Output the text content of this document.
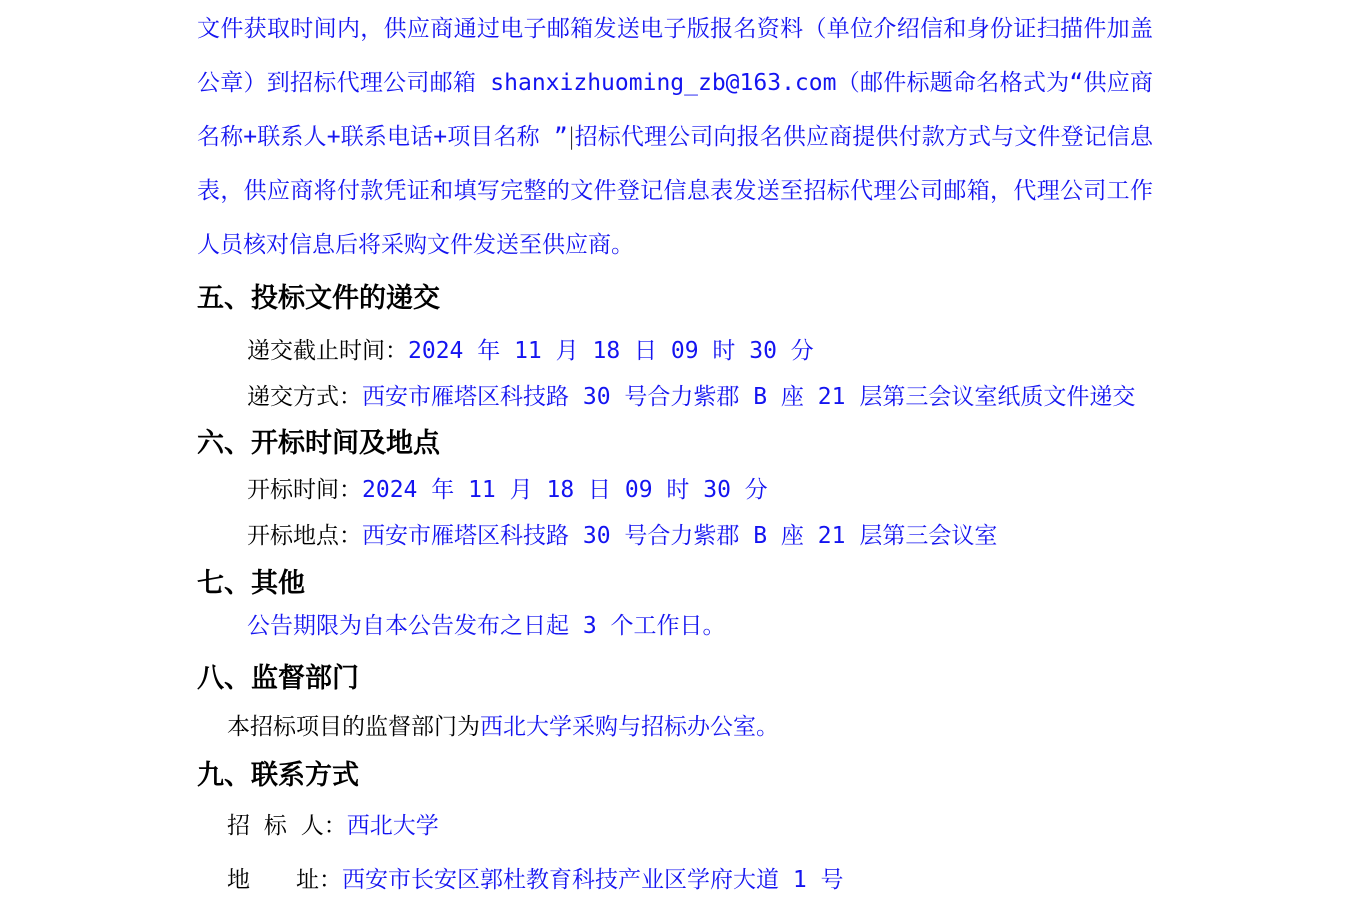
文件获取时间内，供应商通过电子邮箱发送电子版报名资料（单位介绍信和身份证扫描件加盖公章）到招标代理公司邮箱 shanxizhuoming_zb@163.com（邮件标题命名格式为“供应商名称+联系人+联系电话+项目名称 ”|招标代理公司向报名供应商提供付款方式与文件登记信息表，供应商将付款凭证和填写完整的文件登记信息表发送至招标代理公司邮箱，代理公司工作人员核对信息后将采购文件发送至供应商。

五、投标文件的递交
递交截止时间：2024 年 11 月 18 日 09 时 30 分
递交方式：西安市雁塔区科技路 30 号合力紫郡 B 座 21 层第三会议室纸质文件递交
六、开标时间及地点
开标时间：2024 年 11 月 18 日 09 时 30 分
开标地点：西安市雁塔区科技路 30 号合力紫郡 B 座 21 层第三会议室
七、其他
公告期限为自本公告发布之日起 3 个工作日。
八、监督部门
本招标项目的监督部门为西北大学采购与招标办公室。
九、联系方式
招 标 人：西北大学
地　　址：西安市长安区郭杜教育科技产业区学府大道 1 号
